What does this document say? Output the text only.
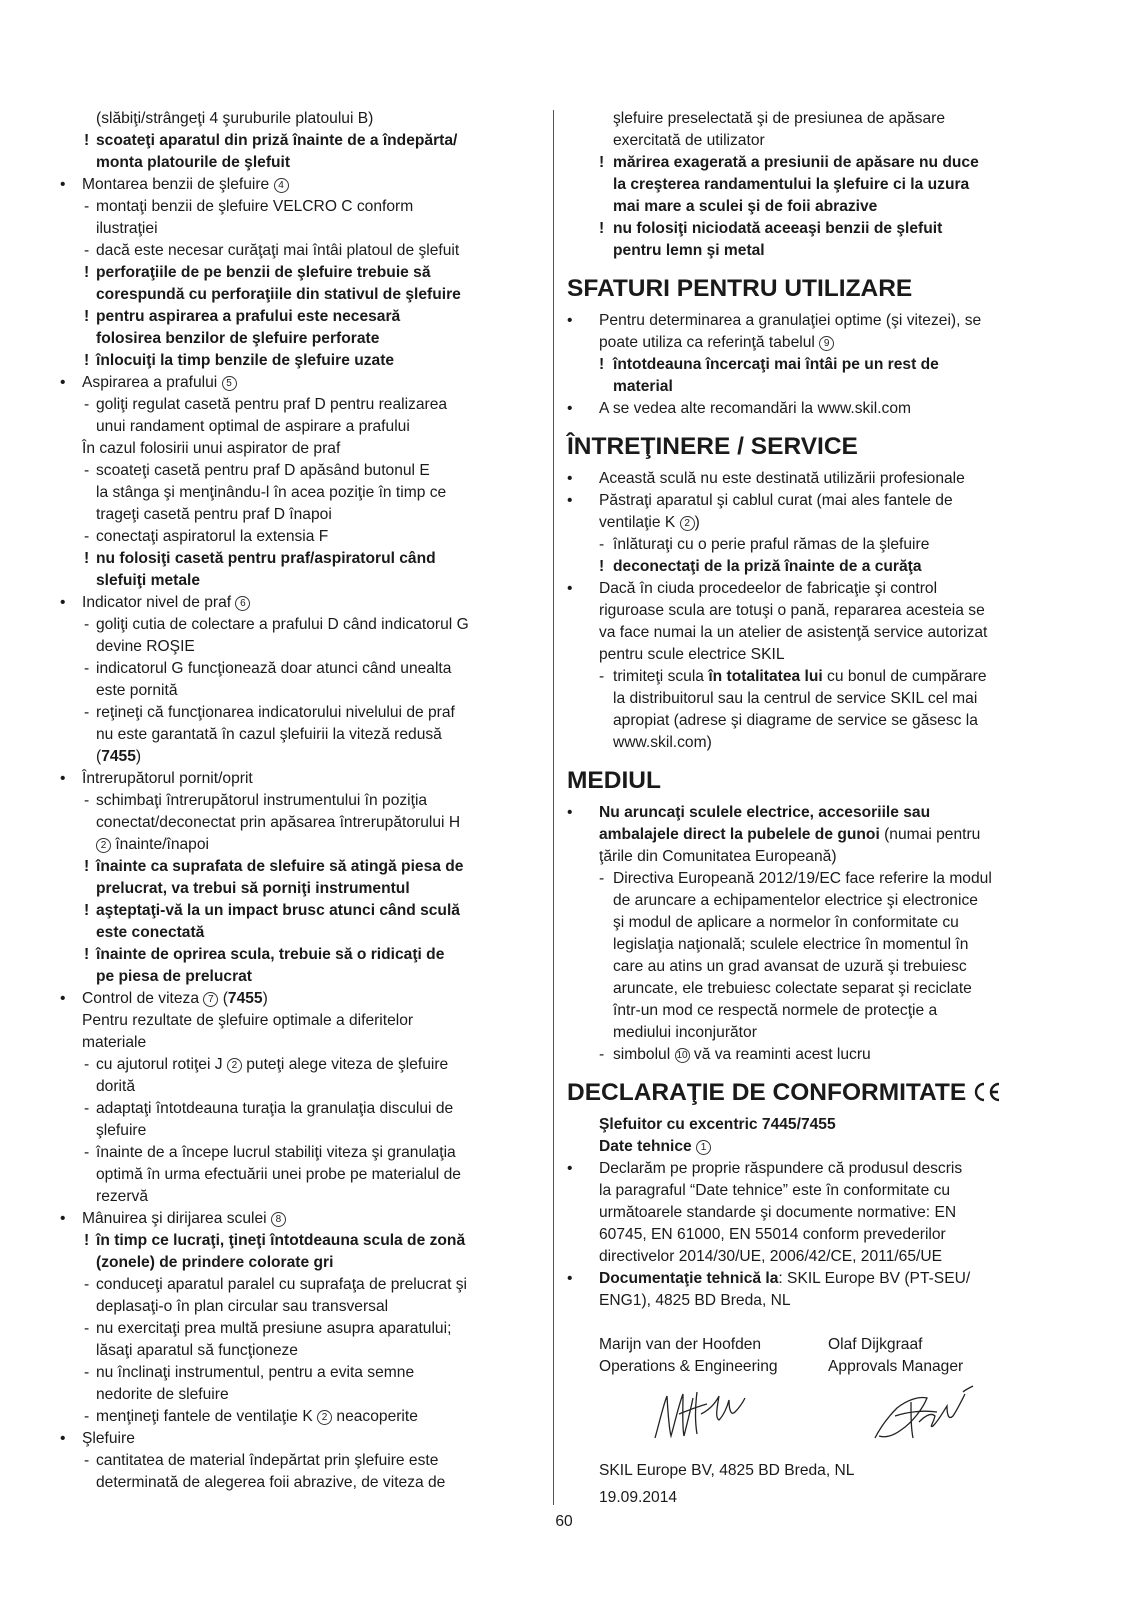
(slăbiţi/strângeţi 4 şuruburile platoului B)
! scoateţi aparatul din priză înainte de a îndepărta/
monta platourile de şlefuit
• Montarea benzii de şlefuire 4
- montaţi benzii de şlefuire VELCRO C conform
ilustraţiei
- dacă este necesar curăţaţi mai întâi platoul de şlefuit
! perforaţiile de pe benzii de şlefuire trebuie să
corespundă cu perforaţiile din stativul de şlefuire
! pentru aspirarea a prafului este necesară
folosirea benzilor de şlefuire perforate
! înlocuiţi la timp benzile de şlefuire uzate
• Aspirarea a prafului 5
- goliţi regulat casetă pentru praf D pentru realizarea
unui randament optimal de aspirare a prafului
În cazul folosirii unui aspirator de praf
- scoateţi casetă pentru praf D apăsând butonul E
la stânga şi menţinându-l în acea poziţie în timp ce
trageţi casetă pentru praf D înapoi
- conectaţi aspiratorul la extensia F
! nu folosiţi casetă pentru praf/aspiratorul când
slefuiţi metale
• Indicator nivel de praf 6
- goliţi cutia de colectare a prafului D când indicatorul G
devine ROŞIE
- indicatorul G funcţionează doar atunci când unealta
este pornită
- reţineţi că funcţionarea indicatorului nivelului de praf
nu este garantată în cazul şlefuirii la viteză redusă
(7455)
• Întrerupătorul pornit/oprit
- schimbaţi întrerupătorul instrumentului în poziţia
conectat/deconectat prin apăsarea întrerupătorului H
2 înainte/înapoi
! înainte ca suprafata de slefuire să atingă piesa de
prelucrat, va trebui să porniţi instrumentul
! aşteptaţi-vă la un impact brusc atunci când sculă
este conectată
! înainte de oprirea scula, trebuie să o ridicaţi de
pe piesa de prelucrat
• Control de viteza 7 (7455)
Pentru rezultate de şlefuire optimale a diferitelor
materiale
- cu ajutorul rotiţei J 2 puteţi alege viteza de şlefuire
dorită
- adaptaţi întotdeauna turaţia la granulaţia discului de
şlefuire
- înainte de a începe lucrul stabiliţi viteza şi granulaţia
optimă în urma efectuării unei probe pe materialul de
rezervă
• Mânuirea şi dirijarea sculei 8
! în timp ce lucraţi, ţineţi întotdeauna scula de zonă
(zonele) de prindere colorate gri
- conduceţi aparatul paralel cu suprafaţa de prelucrat şi
deplasaţi-o în plan circular sau transversal
- nu exercitaţi prea multă presiune asupra aparatului;
lăsaţi aparatul să funcţioneze
- nu înclinaţi instrumentul, pentru a evita semne
nedorite de slefuire
- menţineţi fantele de ventilaţie K 2 neacoperite
• Şlefuire
- cantitatea de material îndepărtat prin şlefuire este
determinată de alegerea foii abrazive, de viteza de
şlefuire preselectată şi de presiunea de apăsare
exercitată de utilizator
! mărirea exagerată a presiunii de apăsare nu duce
la creşterea randamentului la şlefuire ci la uzura
mai mare a sculei şi de foii abrazive
! nu folosiţi niciodată aceeaşi benzii de şlefuit
pentru lemn şi metal
SFATURI PENTRU UTILIZARE
• Pentru determinarea a granulaţiei optime (şi vitezei), se
poate utiliza ca referinţă tabelul 9
! întotdeauna încercaţi mai întâi pe un rest de
material
• A se vedea alte recomandări la www.skil.com
ÎNTREŢINERE / SERVICE
• Această sculă nu este destinată utilizării profesionale
• Păstraţi aparatul şi cablul curat (mai ales fantele de
ventilaţie K 2 )
- înlăturaţi cu o perie praful rămas de la şlefuire
! deconectaţi de la priză înainte de a curăţa
• Dacă în ciuda procedeelor de fabricaţie şi control
riguroase scula are totuşi o pană, repararea acesteia se
va face numai la un atelier de asistenţă service autorizat
pentru scule electrice SKIL
- trimiteţi scula în totalitatea lui cu bonul de cumpărare
la distribuitorul sau la centrul de service SKIL cel mai
apropiat (adrese şi diagrame de service se găsesc la
www.skil.com)
MEDIUL
• Nu aruncaţi sculele electrice, accesoriile sau
ambalajele direct la pubelele de gunoi (numai pentru
ţările din Comunitatea Europeană)
- Directiva Europeană 2012/19/EC face referire la modul
de aruncare a echipamentelor electrice şi electronice
şi modul de aplicare a normelor în conformitate cu
legislaţia naţională; sculele electrice în momentul în
care au atins un grad avansat de uzură şi trebuiesc
aruncate, ele trebuiesc colectate separat şi reciclate
într-un mod ce respectă normele de protecţie a
mediului inconjurător
- simbolul 10 vă va reaminti acest lucru
DECLARAŢIE DE CONFORMITATE
Şlefuitor cu excentric 7445/7455
Date tehnice 1
• Declarăm pe proprie răspundere că produsul descris
la paragraful “Date tehnice” este în conformitate cu
următoarele standarde şi documente normative: EN
60745, EN 61000, EN 55014 conform prevederilor
directivelor 2014/30/UE, 2006/42/CE, 2011/65/UE
• Documentaţie tehnică la: SKIL Europe BV (PT-SEU/
ENG1), 4825 BD Breda, NL
Marijn van der Hoofden	Olaf Dijkgraaf
Operations & Engineering	Approvals Manager
SKIL Europe BV, 4825 BD Breda, NL
19.09.2014
60
